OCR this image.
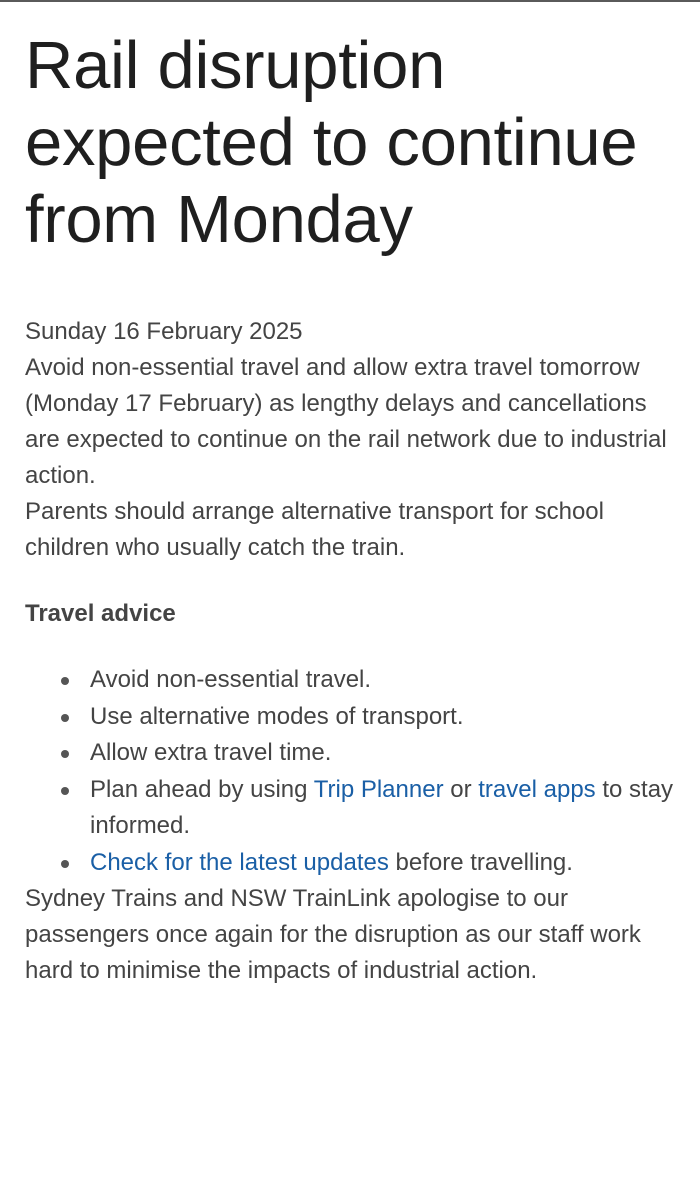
Rail disruption expected to continue from Monday
Sunday 16 February 2025

Avoid non-essential travel and allow extra travel tomorrow (Monday 17 February) as lengthy delays and cancellations are expected to continue on the rail network due to industrial action.

Parents should arrange alternative transport for school children who usually catch the train.

Travel advice
Avoid non-essential travel.
Use alternative modes of transport.
Allow extra travel time.
Plan ahead by using Trip Planner or travel apps to stay informed.
Check for the latest updates before travelling.

Sydney Trains and NSW TrainLink apologise to our passengers once again for the disruption as our staff work hard to minimise the impacts of industrial action.
